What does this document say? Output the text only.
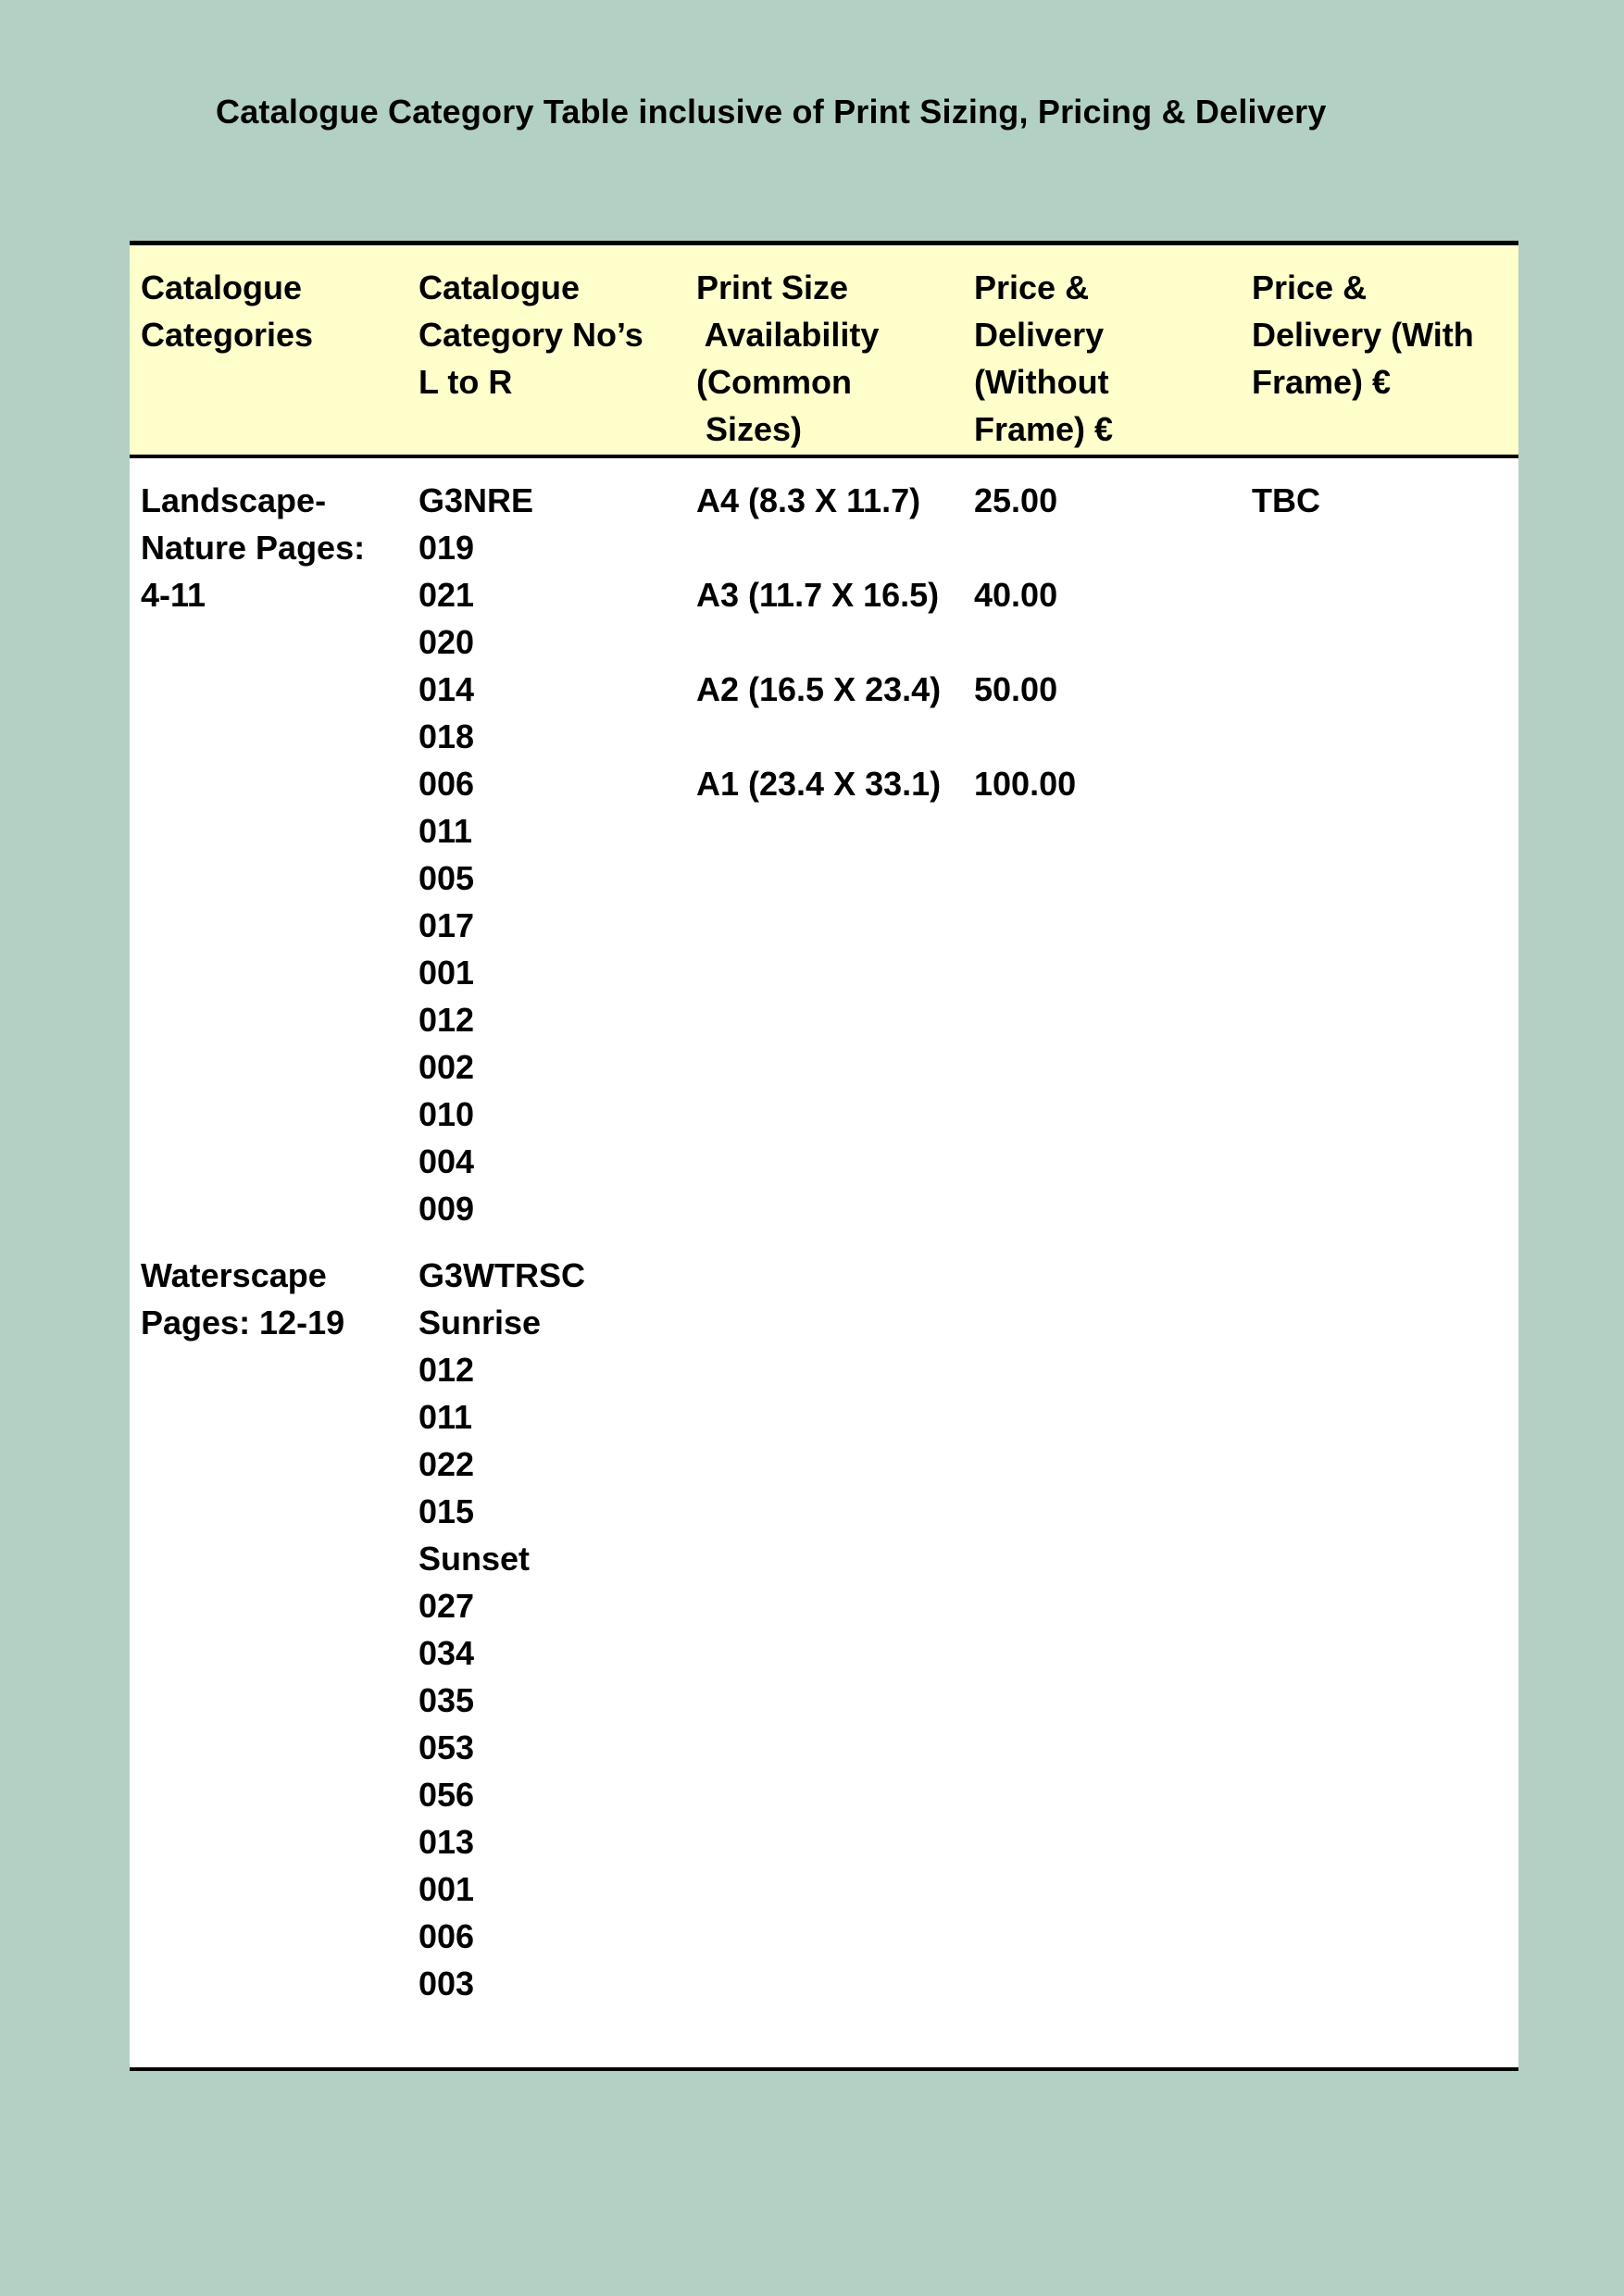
Catalogue Category Table inclusive of Print Sizing, Pricing & Delivery
Catalogue
Categories
Catalogue
Category No’s
L to R
Print Size
Availability
(Common
Sizes)
Price &
Delivery
(Without
Frame) €
Price &
Delivery (With
Frame) €
Landscape-
Nature Pages:
4-11
G3NRE
019
021
020
014
018
006
011
005
017
001
012
002
010
004
009
A4 (8.3 X 11.7)
A3 (11.7 X 16.5)
A2 (16.5 X 23.4)
A1 (23.4 X 33.1)
25.00
40.00
50.00
100.00
TBC
Waterscape
Pages: 12-19
G3WTRSC
Sunrise
012
011
022
015
Sunset
027
034
035
053
056
013
001
006
003
